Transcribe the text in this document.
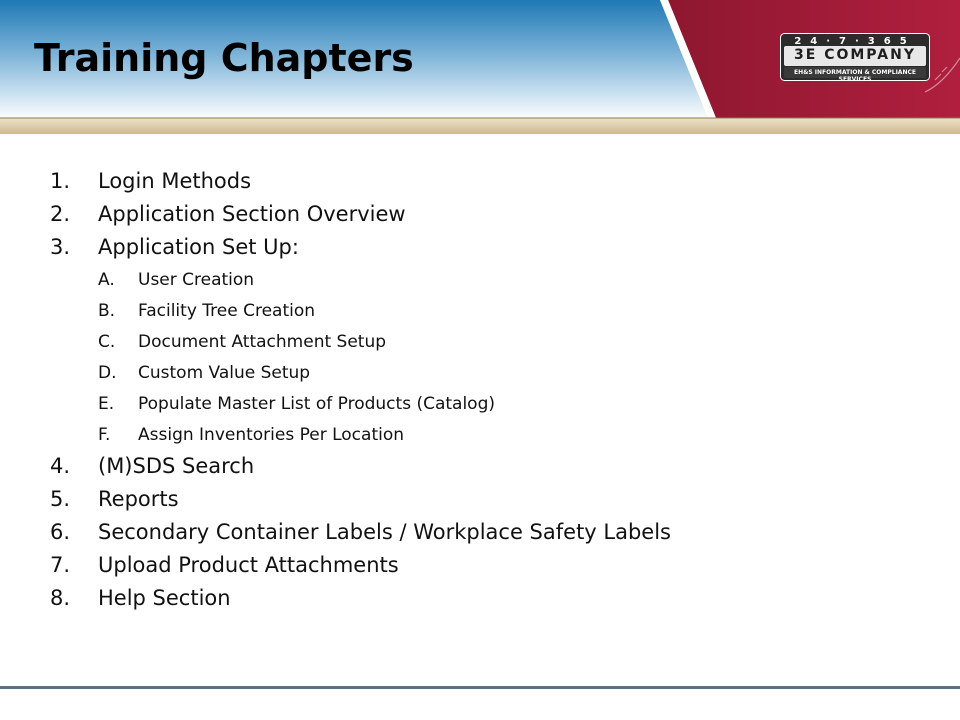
Training Chapters	24·7·365
3E COMPANY
EH&S INFORMATION & COMPLIANCE SERVICES
1. Login Methods
2. Application Section Overview
3. Application Set Up:
A. User Creation
B. Facility Tree Creation
C. Document Attachment Setup
D. Custom Value Setup
E. Populate Master List of Products (Catalog)
F. Assign Inventories Per Location
4. (M)SDS Search
5. Reports
6. Secondary Container Labels / Workplace Safety Labels
7. Upload Product Attachments
8. Help Section
